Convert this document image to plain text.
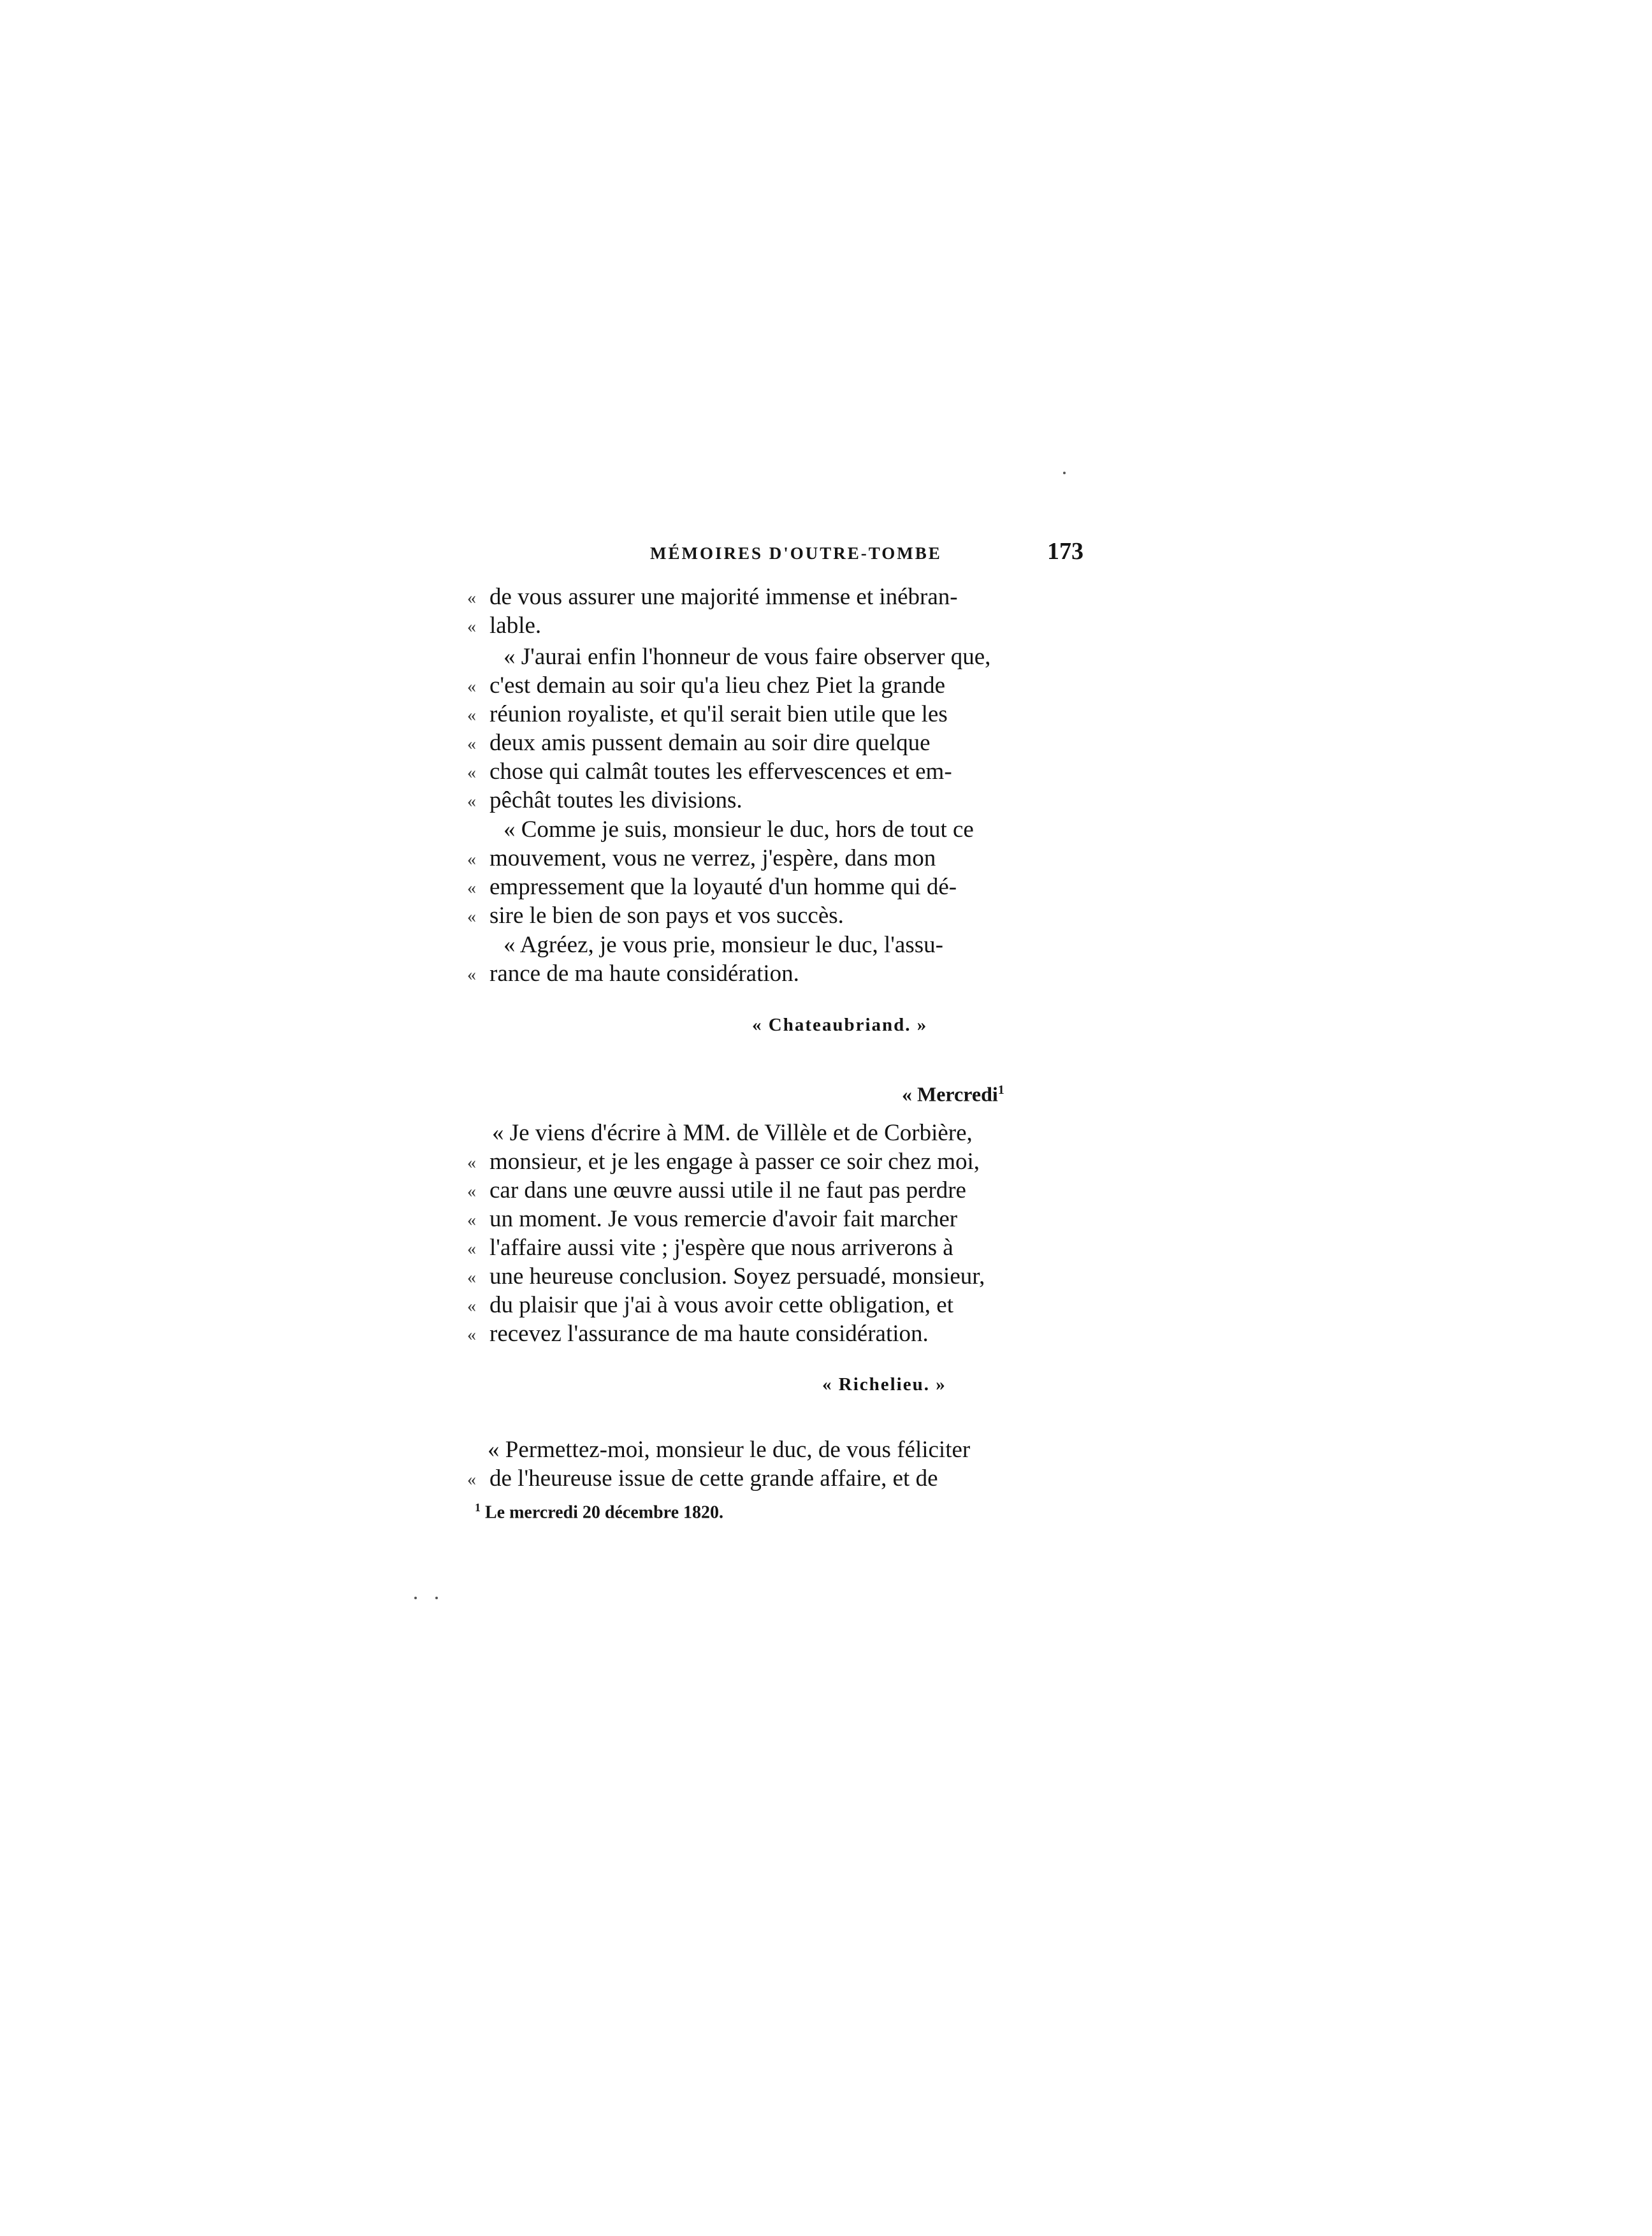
MÉMOIRES D'OUTRE-TOMBE	173
« de vous assurer une majorité immense et inébran-
« lable.
« J'aurai enfin l'honneur de vous faire observer que,
« c'est demain au soir qu'a lieu chez Piet la grande
« réunion royaliste, et qu'il serait bien utile que les
« deux amis pussent demain au soir dire quelque
« chose qui calmât toutes les effervescences et em-
« pêchât toutes les divisions.
« Comme je suis, monsieur le duc, hors de tout ce
« mouvement, vous ne verrez, j'espère, dans mon
« empressement que la loyauté d'un homme qui dé-
« sire le bien de son pays et vos succès.
« Agréez, je vous prie, monsieur le duc, l'assu-
« rance de ma haute considération.
« Chateaubriand. »
« Mercredi$^1$
« Je viens d'écrire à MM. de Villèle et de Corbière,
« monsieur, et je les engage à passer ce soir chez moi,
« car dans une œuvre aussi utile il ne faut pas perdre
« un moment. Je vous remercie d'avoir fait marcher
« l'affaire aussi vite ; j'espère que nous arriverons à
« une heureuse conclusion. Soyez persuadé, monsieur,
« du plaisir que j'ai à vous avoir cette obligation, et
« recevez l'assurance de ma haute considération.
« Richelieu. »
« Permettez-moi, monsieur le duc, de vous féliciter
« de l'heureuse issue de cette grande affaire, et de
$^1$ Le mercredi 20 décembre 1820.
